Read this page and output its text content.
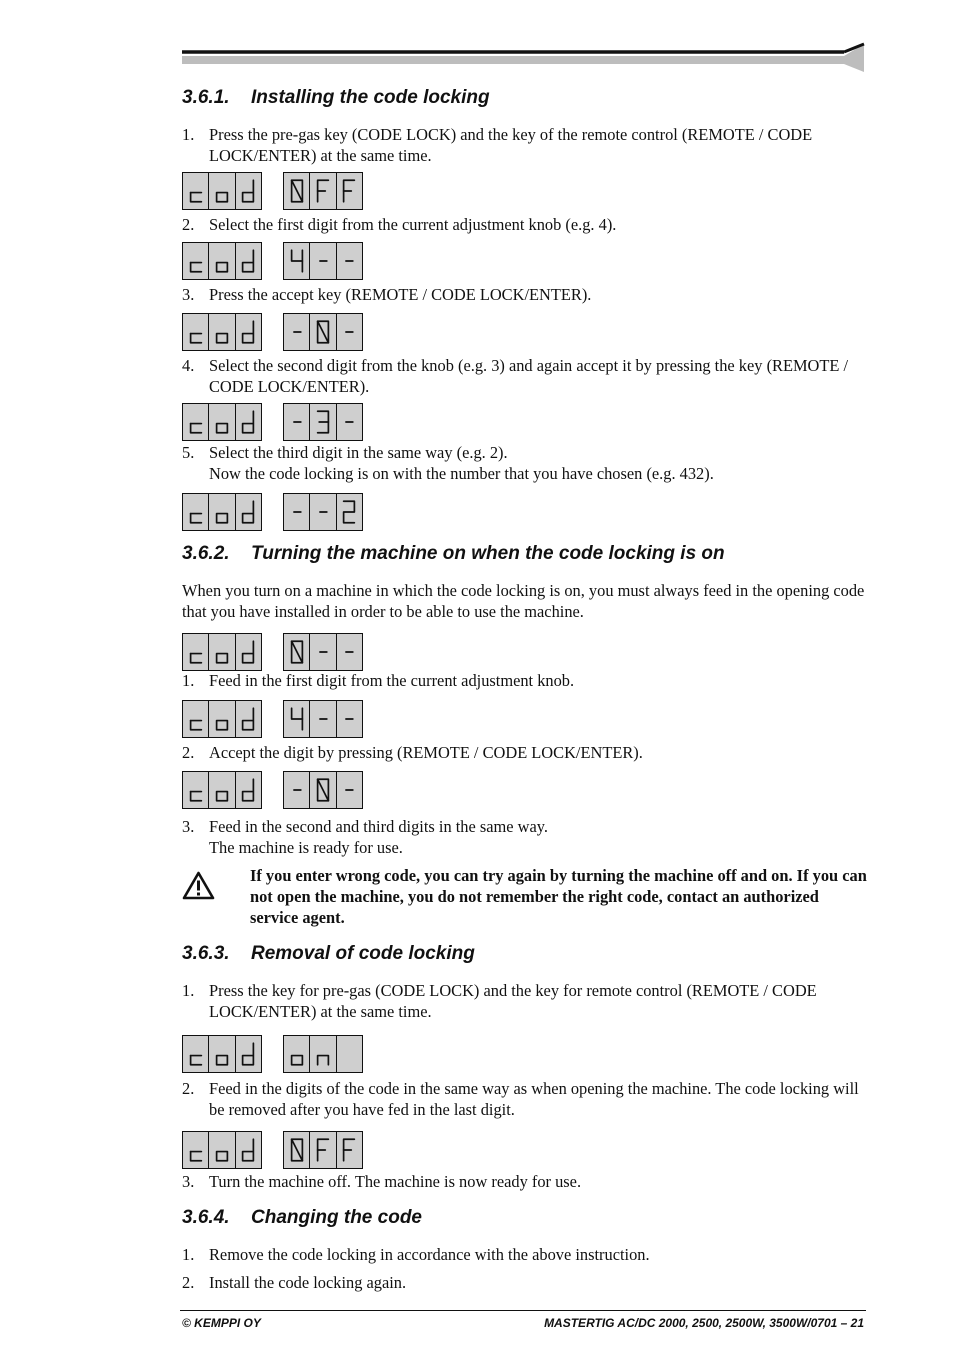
3.6.1. Installing the code locking
1. Press the pre-gas key (CODE LOCK) and the key of the remote control (REMOTE / CODE LOCK/ENTER) at the same time.
2. Select the first digit from the current adjustment knob (e.g. 4).
3. Press the accept key (REMOTE / CODE LOCK/ENTER).
4. Select the second digit from the knob (e.g. 3) and again accept it by pressing the key (REMOTE / CODE LOCK/ENTER).
5. Select the third digit in the same way (e.g. 2).
Now the code locking is on with the number that you have chosen (e.g. 432).
3.6.2. Turning the machine on when the code locking is on
When you turn on a machine in which the code locking is on, you must always feed in the opening code that you have installed in order to be able to use the machine.
1. Feed in the first digit from the current adjustment knob.
2. Accept the digit by pressing (REMOTE / CODE LOCK/ENTER).
3. Feed in the second and third digits in the same way.
The machine is ready for use.
If you enter wrong code, you can try again by turning the machine off and on. If you can not open the machine, you do not remember the right code, contact an authorized service agent.
3.6.3. Removal of code locking
1. Press the key for pre-gas (CODE LOCK) and the key for remote control (REMOTE / CODE LOCK/ENTER) at the same time.
2. Feed in the digits of the code in the same way as when opening the machine. The code locking will be removed after you have fed in the last digit.
3. Turn the machine off. The machine is now ready for use.
3.6.4. Changing the code
1. Remove the code locking in accordance with the above instruction.
2. Install the code locking again.
© KEMPPI OY	MASTERTIG AC/DC 2000, 2500, 2500W, 3500W/0701 – 21
